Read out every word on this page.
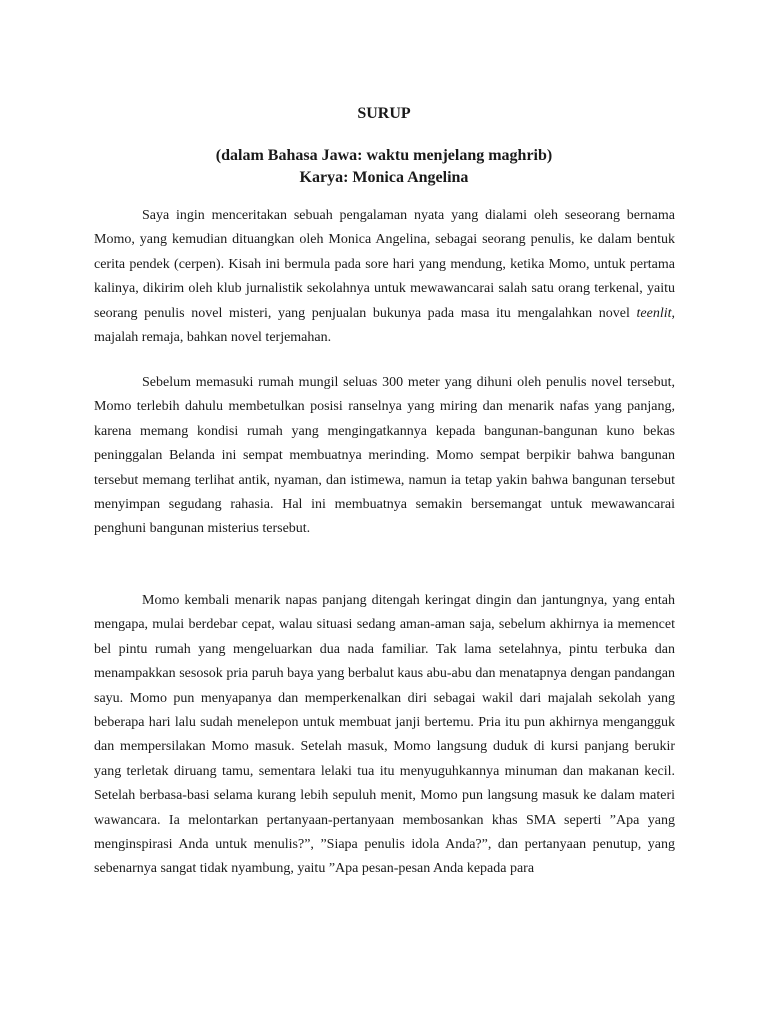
SURUP
(dalam Bahasa Jawa: waktu menjelang maghrib)
Karya: Monica Angelina

Saya ingin menceritakan sebuah pengalaman nyata yang dialami oleh seseorang bernama Momo, yang kemudian dituangkan oleh Monica Angelina, sebagai seorang penulis, ke dalam bentuk cerita pendek (cerpen). Kisah ini bermula pada sore hari yang mendung, ketika Momo, untuk pertama kalinya, dikirim oleh klub jurnalistik sekolahnya untuk mewawancarai salah satu orang terkenal, yaitu seorang penulis novel misteri, yang penjualan bukunya pada masa itu mengalahkan novel teenlit, majalah remaja, bahkan novel terjemahan.

Sebelum memasuki rumah mungil seluas 300 meter yang dihuni oleh penulis novel tersebut, Momo terlebih dahulu membetulkan posisi ranselnya yang miring dan menarik nafas yang panjang, karena memang kondisi rumah yang mengingatkannya kepada bangunan-bangunan kuno bekas peninggalan Belanda ini sempat membuatnya merinding. Momo sempat berpikir bahwa bangunan tersebut memang terlihat antik, nyaman, dan istimewa, namun ia tetap yakin bahwa bangunan tersebut menyimpan segudang rahasia. Hal ini membuatnya semakin bersemangat untuk mewawancarai penghuni bangunan misterius tersebut.

Momo kembali menarik napas panjang ditengah keringat dingin dan jantungnya, yang entah mengapa, mulai berdebar cepat, walau situasi sedang aman-aman saja, sebelum akhirnya ia memencet bel pintu rumah yang mengeluarkan dua nada familiar. Tak lama setelahnya, pintu terbuka dan menampakkan sesosok pria paruh baya yang berbalut kaus abu-abu dan menatapnya dengan pandangan sayu. Momo pun menyapanya dan memperkenalkan diri sebagai wakil dari majalah sekolah yang beberapa hari lalu sudah menelepon untuk membuat janji bertemu. Pria itu pun akhirnya mengangguk dan mempersilakan Momo masuk. Setelah masuk, Momo langsung duduk di kursi panjang berukir yang terletak diruang tamu, sementara lelaki tua itu menyuguhkannya minuman dan makanan kecil. Setelah berbasa-basi selama kurang lebih sepuluh menit, Momo pun langsung masuk ke dalam materi wawancara. Ia melontarkan pertanyaan-pertanyaan membosankan khas SMA seperti ”Apa yang menginspirasi Anda untuk menulis?”, ”Siapa penulis idola Anda?”, dan pertanyaan penutup, yang sebenarnya sangat tidak nyambung, yaitu ”Apa pesan-pesan Anda kepada para
